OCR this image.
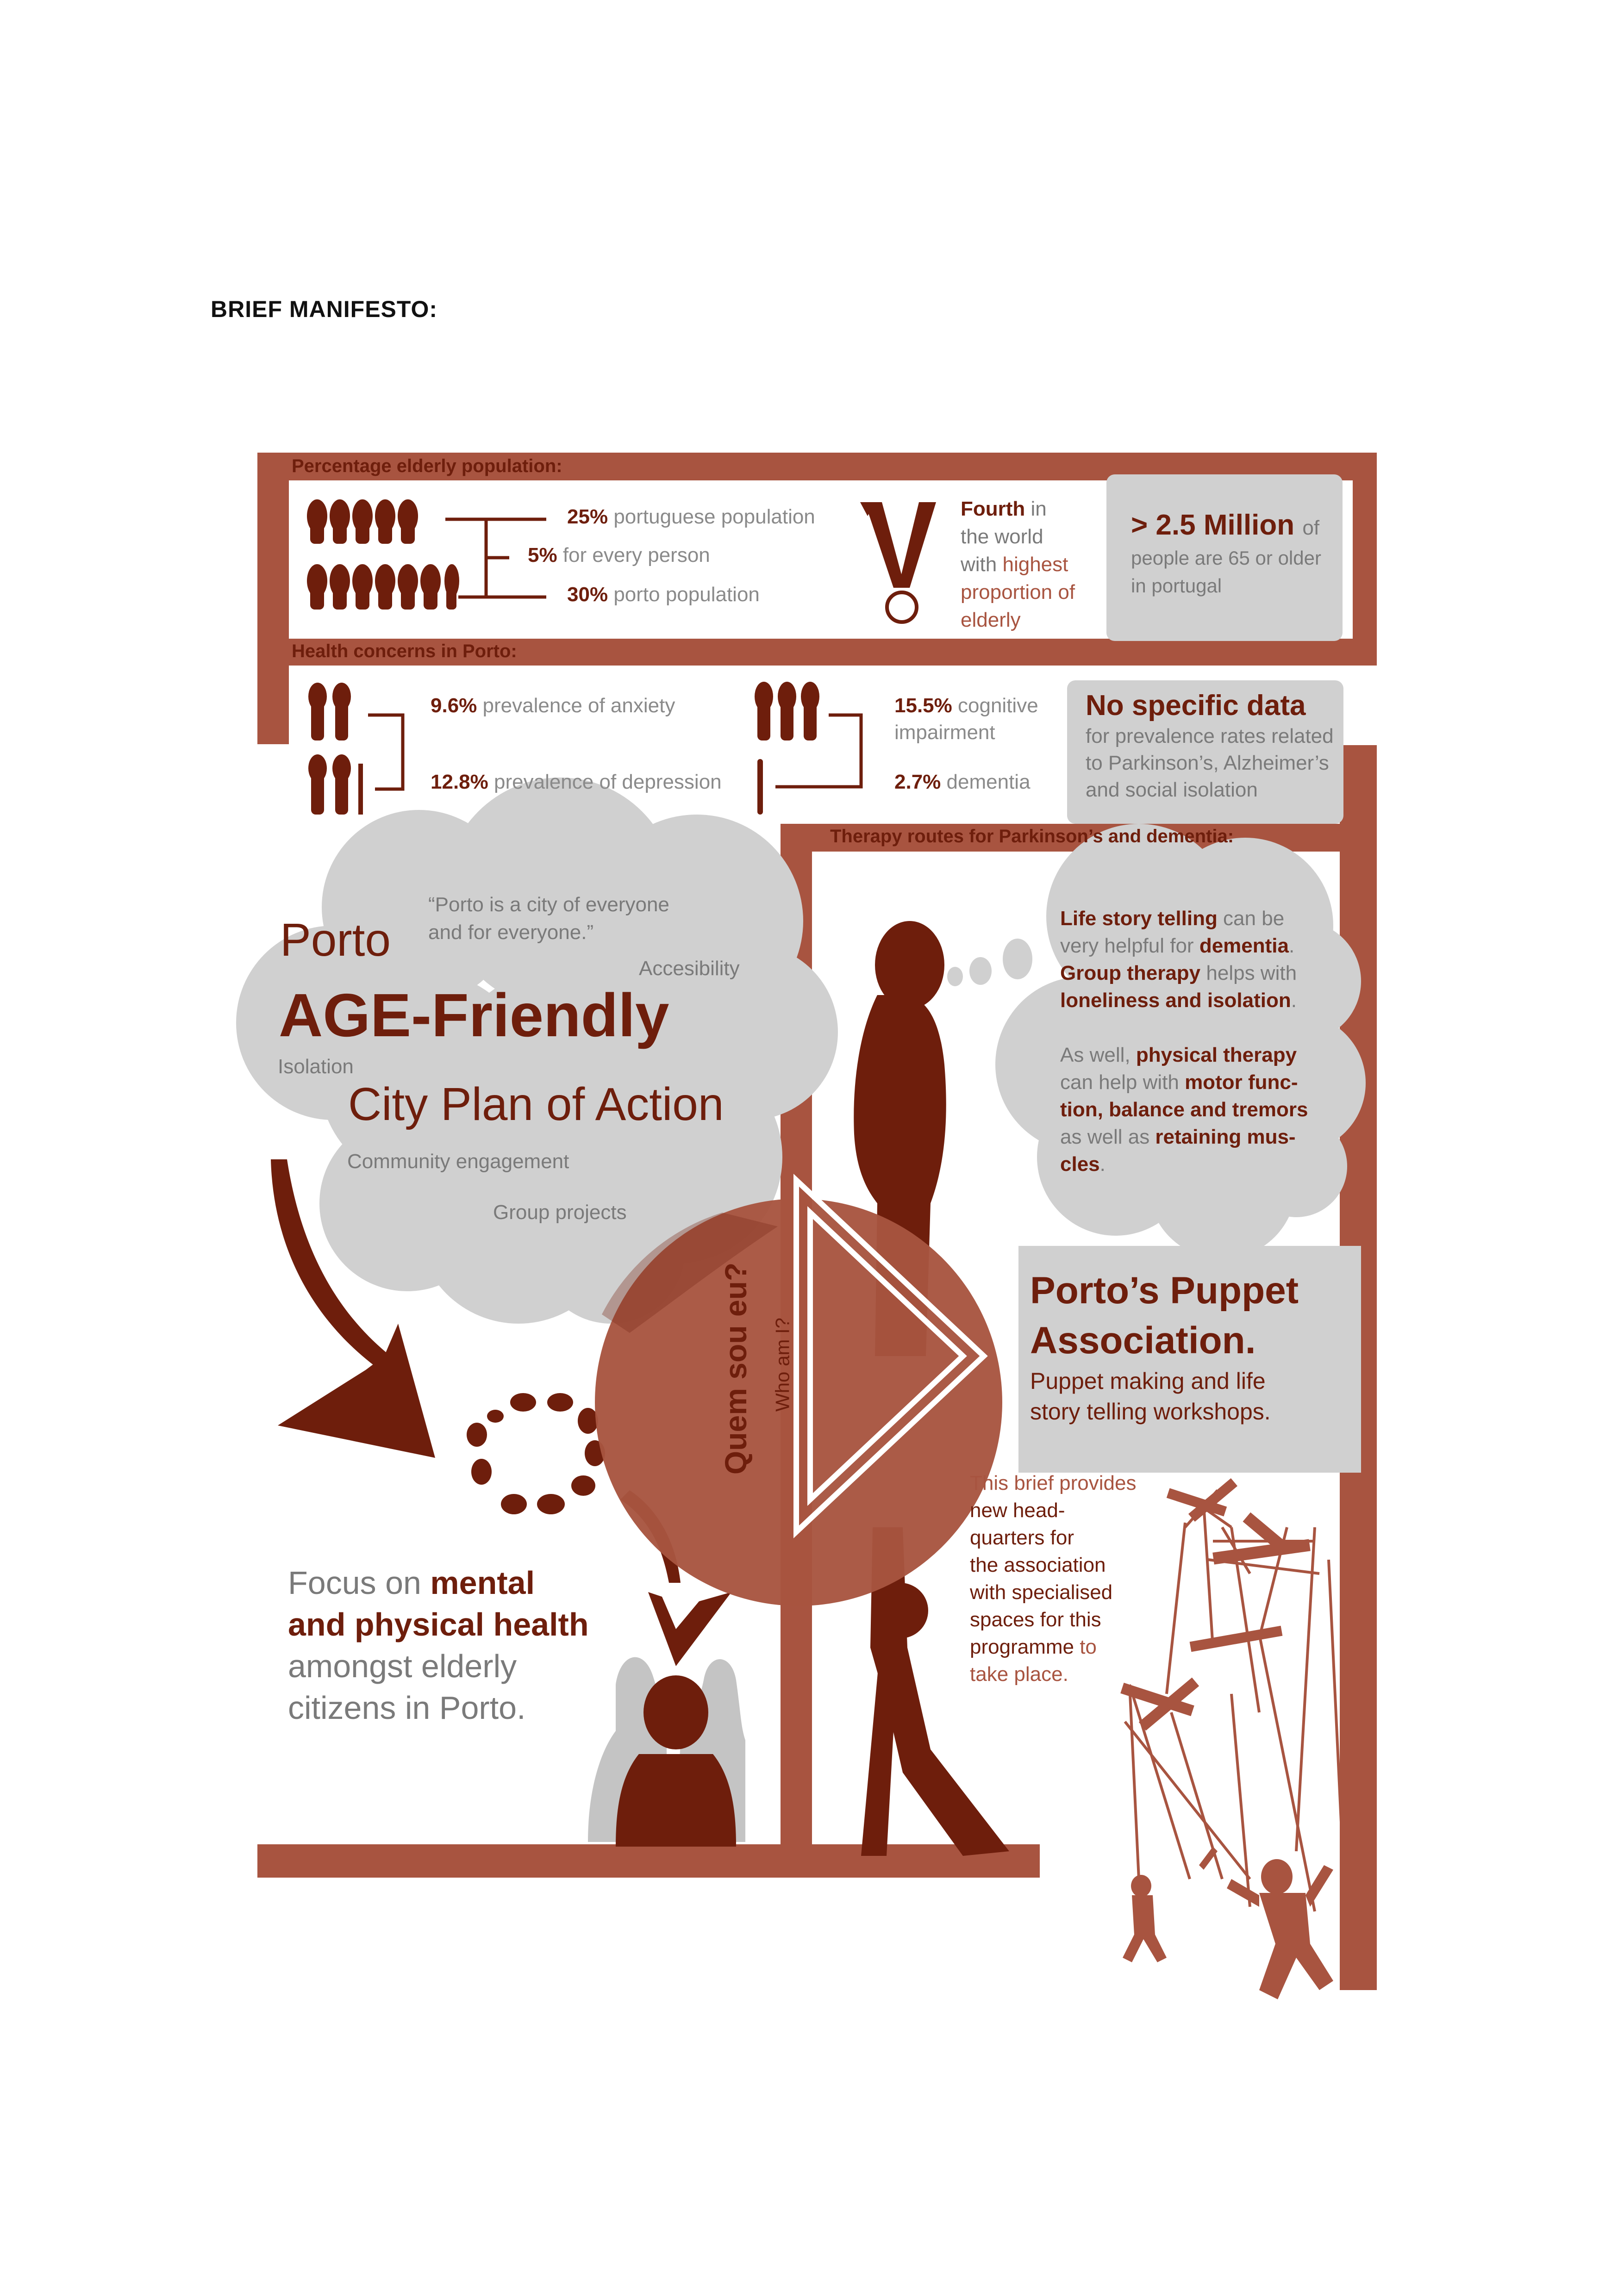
BRIEF MANIFESTO:
Percentage elderly population:
25% portuguese population
5% for every person
30% porto population
Fourth in
the world
with highest
proportion of
elderly
> 2.5 Million of
people are 65 or older
in portugal
Health concerns in Porto:
9.6% prevalence of anxiety
12.8% prevalence of depression
15.5% cognitive
impairment
2.7% dementia
No specific data
for prevalence rates related
to Parkinson’s, Alzheimer’s
and social isolation
“Porto is a city of everyone
and for everyone.”
Porto
AGE-Friendly
City Plan of Action
Accesibility
Isolation
Community engagement
Group projects
Therapy routes for Parkinson’s and dementia:
Life story telling can be
very helpful for dementia.
Group therapy helps with
loneliness and isolation.
As well, physical therapy
can help with motor func-
tion, balance and tremors
as well as retaining mus-
cles.
Porto’s Puppet
Association.
Puppet making and life
story telling workshops.
This brief provides
new head-
quarters for
the association
with specialised
spaces for this
programme to
take place.
Focus on mental
and physical health
amongst elderly
citizens in Porto.
